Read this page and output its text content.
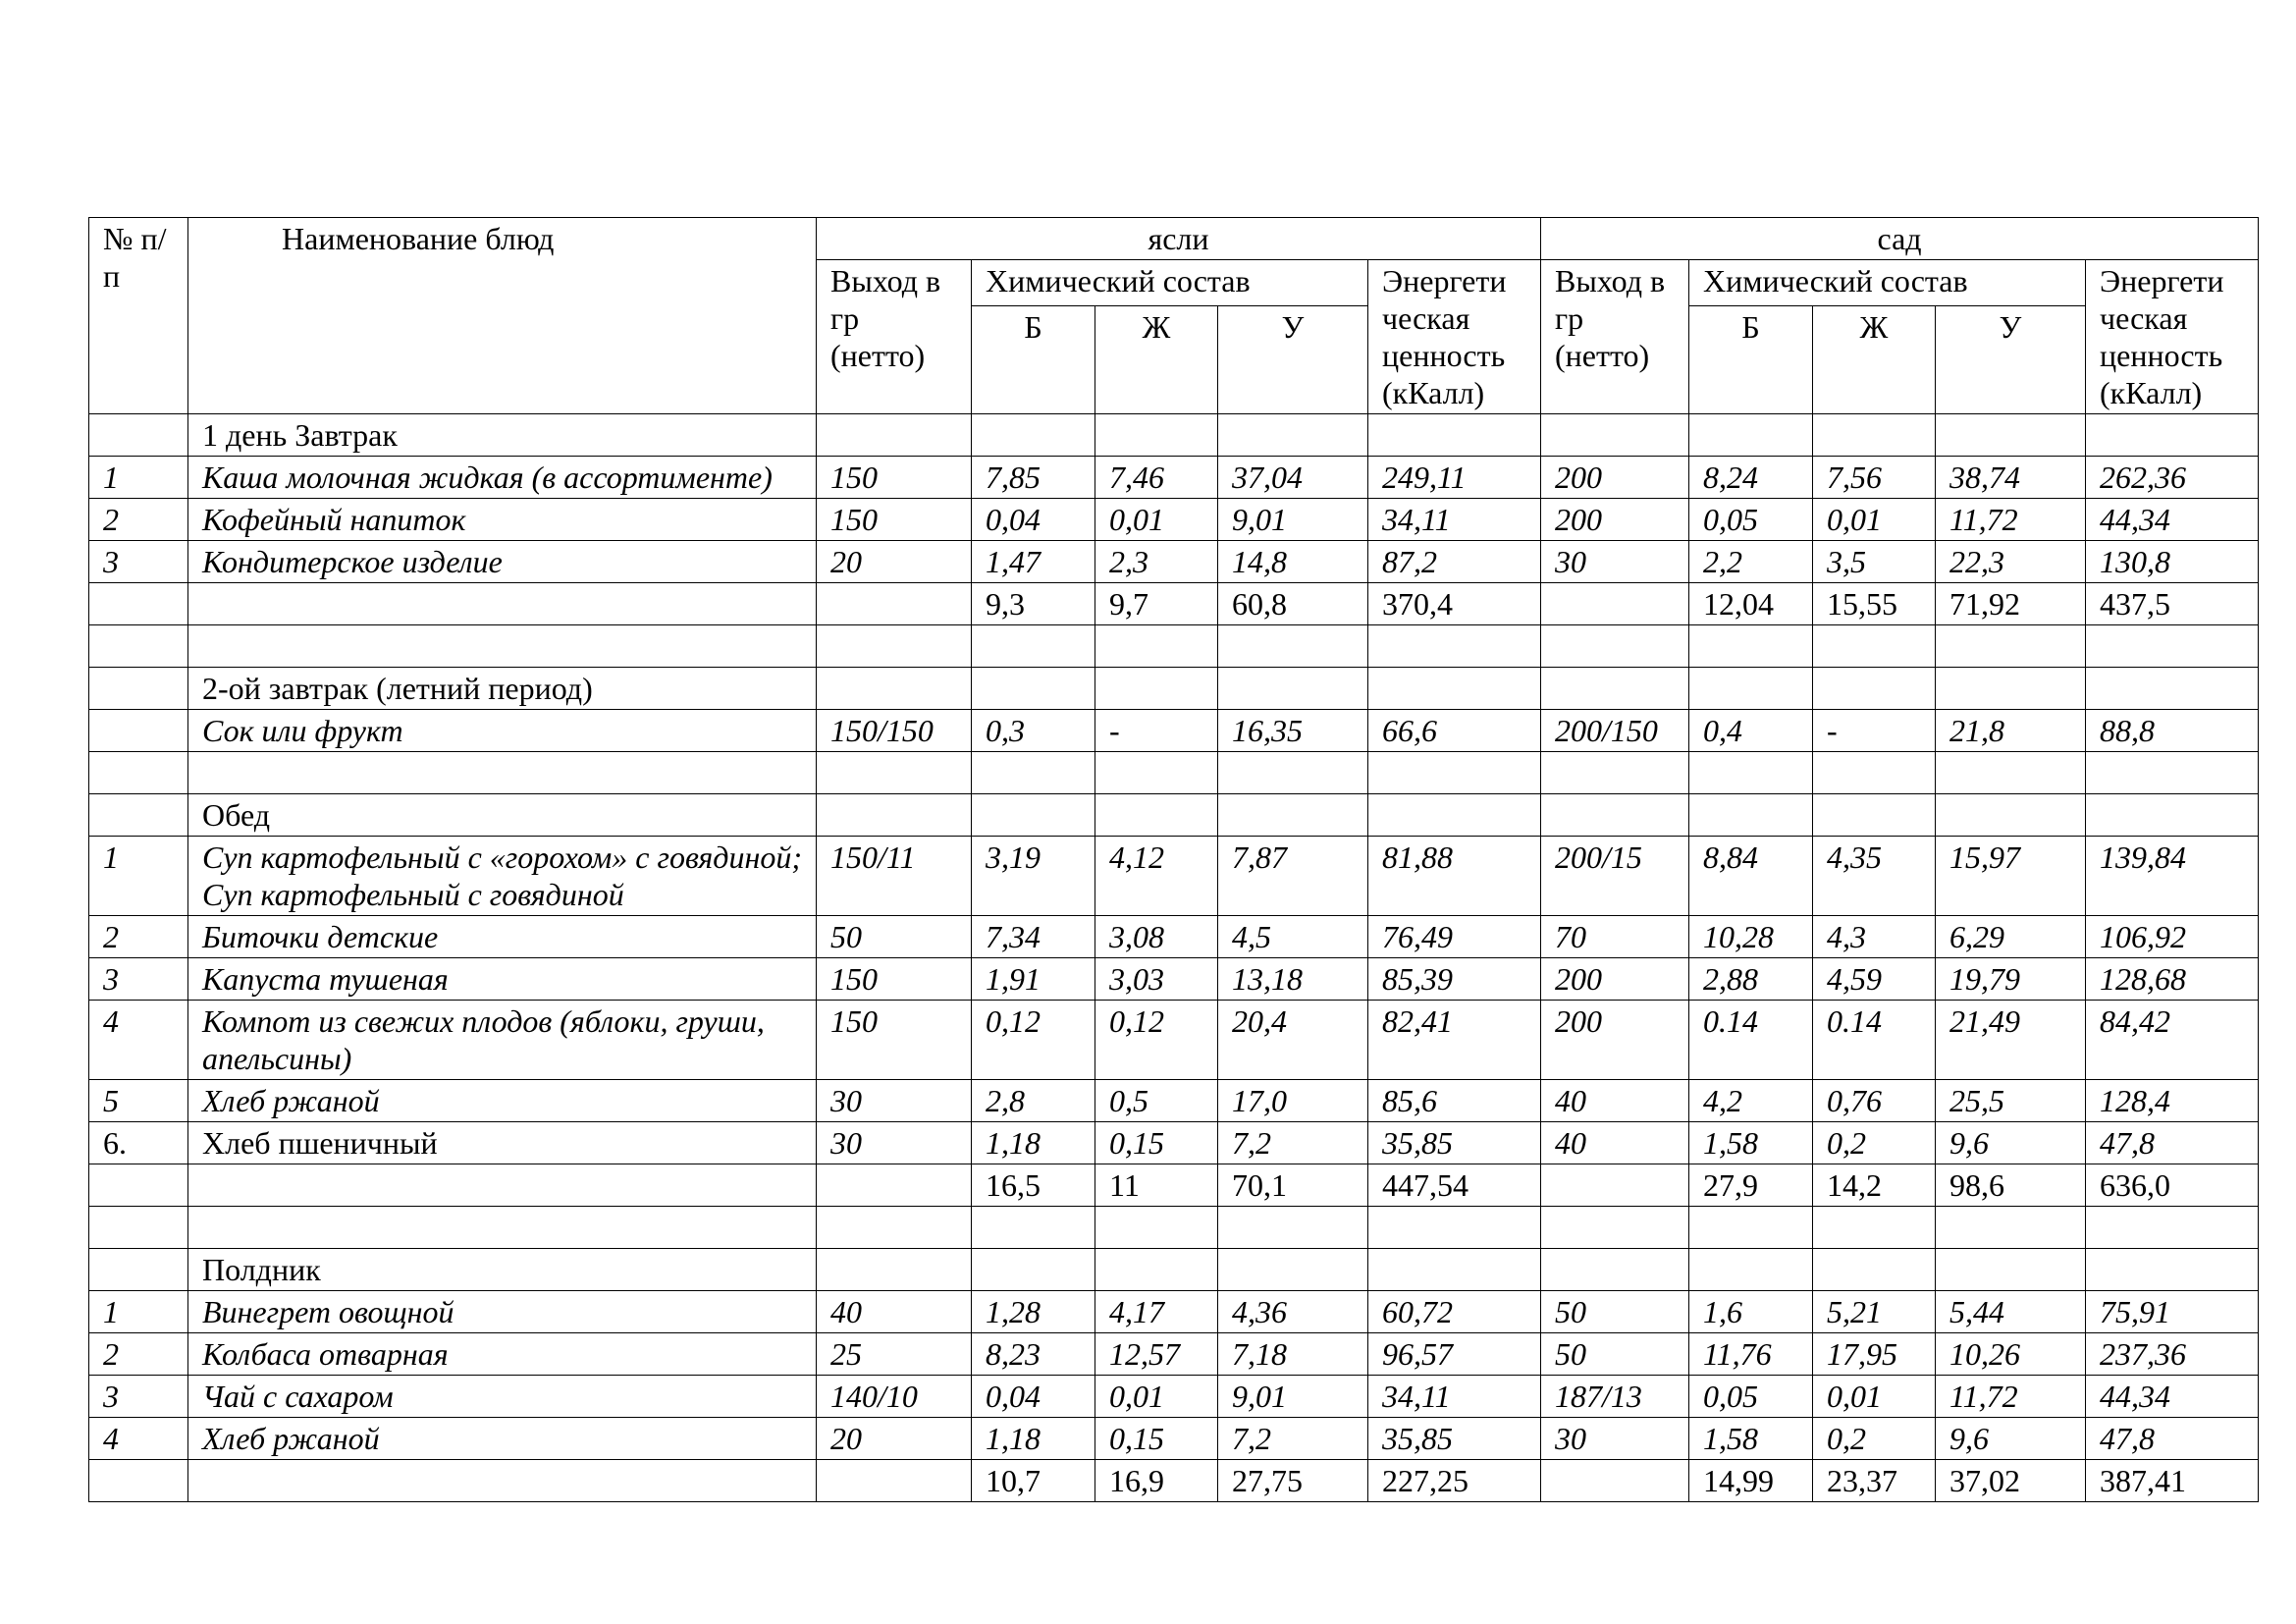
№ п/п	Наименование блюд	ясли					сад				
		Выход в гр (нетто)	Химический состав			Энергети ческая ценность (кКалл)	Выход в гр (нетто)	Химический состав			Энергети ческая ценность (кКалл)
			Б	Ж	У			Б	Ж	У	
	1 день Завтрак										
1	Каша молочная жидкая (в ассортименте)	150	7,85	7,46	37,04	249,11	200	8,24	7,56	38,74	262,36
2	Кофейный напиток	150	0,04	0,01	9,01	34,11	200	0,05	0,01	11,72	44,34
3	Кондитерское изделие	20	1,47	2,3	14,8	87,2	30	2,2	3,5	22,3	130,8
			9,3	9,7	60,8	370,4		12,04	15,55	71,92	437,5

	2-ой завтрак (летний период)										
	Сок или фрукт	150/150	0,3	-	16,35	66,6	200/150	0,4	-	21,8	88,8

	Обед										
1	Суп картофельный с «горохом» с говядиной; Суп картофельный с говядиной	150/11	3,19	4,12	7,87	81,88	200/15	8,84	4,35	15,97	139,84
2	Биточки детские	50	7,34	3,08	4,5	76,49	70	10,28	4,3	6,29	106,92
3	Капуста тушеная	150	1,91	3,03	13,18	85,39	200	2,88	4,59	19,79	128,68
4	Компот из свежих плодов (яблоки, груши, апельсины)	150	0,12	0,12	20,4	82,41	200	0.14	0.14	21,49	84,42
5	Хлеб ржаной	30	2,8	0,5	17,0	85,6	40	4,2	0,76	25,5	128,4
6.	Хлеб пшеничный	30	1,18	0,15	7,2	35,85	40	1,58	0,2	9,6	47,8
			16,5	11	70,1	447,54		27,9	14,2	98,6	636,0

	Полдник										
1	Винегрет овощной	40	1,28	4,17	4,36	60,72	50	1,6	5,21	5,44	75,91
2	Колбаса отварная	25	8,23	12,57	7,18	96,57	50	11,76	17,95	10,26	237,36
3	Чай с сахаром	140/10	0,04	0,01	9,01	34,11	187/13	0,05	0,01	11,72	44,34
4	Хлеб ржаной	20	1,18	0,15	7,2	35,85	30	1,58	0,2	9,6	47,8
			10,7	16,9	27,75	227,25		14,99	23,37	37,02	387,41
